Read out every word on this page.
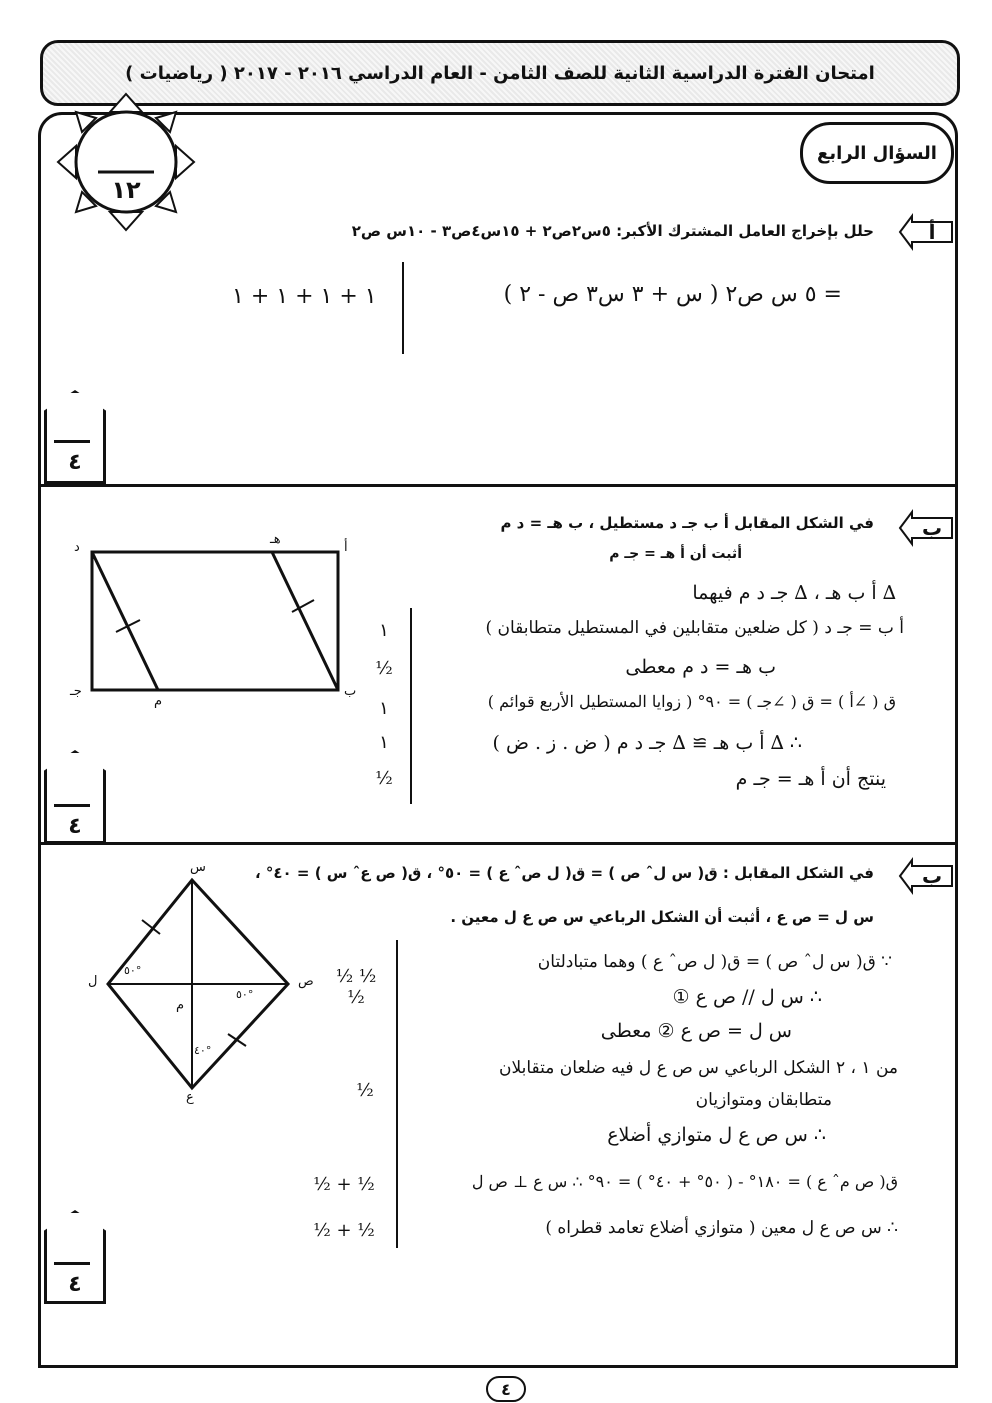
امتحان الفترة الدراسية الثانية للصف الثامن - العام الدراسي ٢٠١٦ - ٢٠١٧ ( رياضيات )
١٢
السؤال الرابع
أ
حلل بإخراج العامل المشترك الأكبر: ٥س٢ص٢ + ١٥س٤ص٣ - ١٠س ص٢
= ٥ س ص٢ ( س + ٣ س٣ ص - ٢ )
١ + ١ + ١ + ١
٤
ب
في الشكل المقابل أ ب جـ د مستطيل ، ب هـ = د م
أثبت أن أ هـ = جـ م
د
هـ
أ
جـ
م
ب
∆ أ ب هـ ، ∆ جـ د م فيهما
أ ب = جـ د ( كل ضلعين متقابلين في المستطيل متطابقان )
ب هـ = د م معطى
ق ( ∠أ ) = ق ( ∠جـ ) = ٩٠° ( زوايا المستطيل الأربع قوائم )
∴ ∆ أ ب هـ ≅ ∆ جـ د م ( ض . ز . ض )
ينتج أن أ هـ = جـ م
١
½
١
١
½
٤
ب
في الشكل المقابل : ق( س لˆ ص ) = ق( ل صˆ ع ) = ٥٠° ، ق( ص عˆ س ) = ٤٠° ،
س ل = ص ع ، أثبت أن الشكل الرباعي س ص ع ل معين .
س
ل	ص
م
ع
٥٠°
٥٠°
٤٠°
∵ ق( س لˆ ص ) = ق( ل صˆ ع ) وهما متبادلتان
∴ س ل // ص ع ①
س ل = ص ع ② معطى
من ١ ، ٢ الشكل الرباعي س ص ع ل فيه ضلعان متقابلان
متطابقان ومتوازيان
∴ س ص ع ل متوازي أضلاع
ق( ص مˆ ع ) = ١٨٠° - ( ٥٠° + ٤٠° ) = ٩٠° ∴ س ع ⊥ ص ل
∴ س ص ع ل معين ( متوازي أضلاع تعامد قطراه )
½ ½ ½
½
½ + ½
½ + ½
٤
٤
